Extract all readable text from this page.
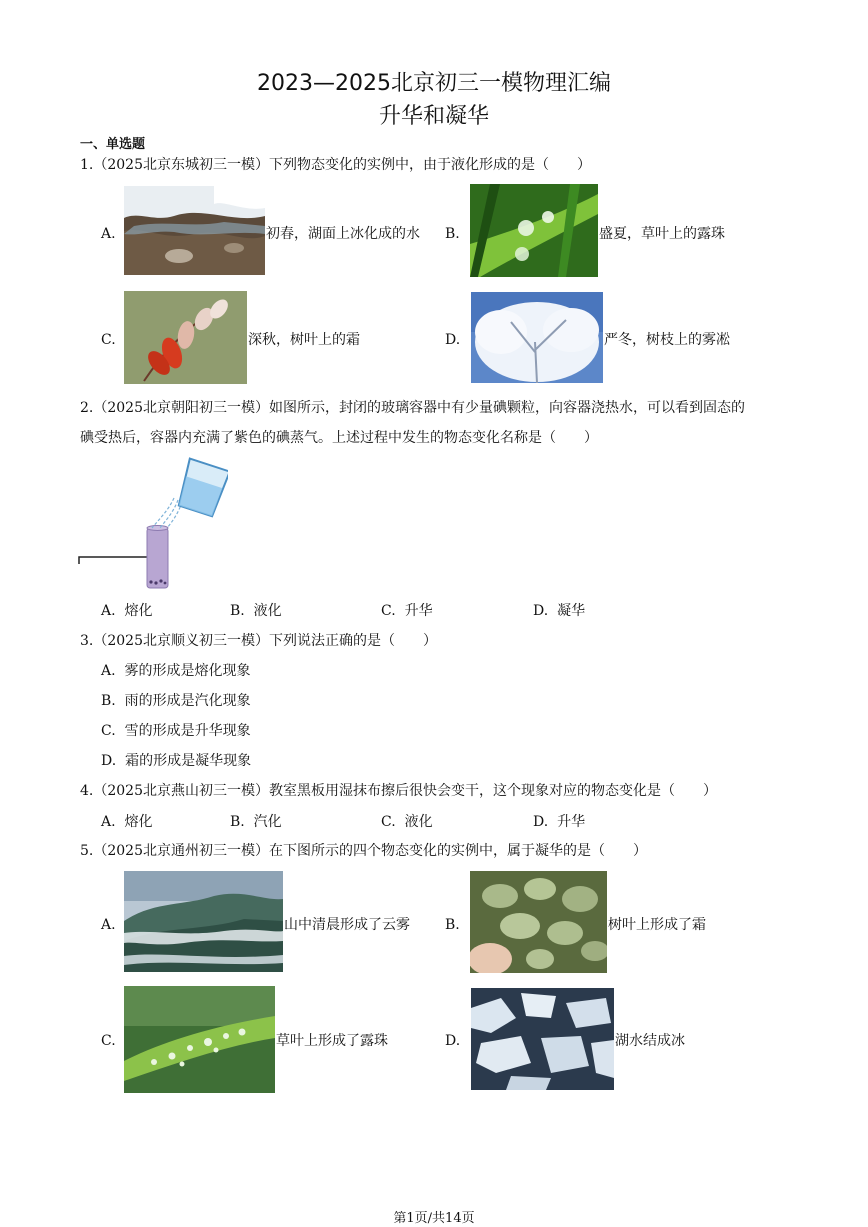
2023—2025北京初三一模物理汇编
升华和凝华
一、单选题
1.（2025北京东城初三一模）下列物态变化的实例中，由于液化形成的是（　　）
A.	初春，湖面上冰化成的水 B.	盛夏，草叶上的露珠
C.	深秋，树叶上的霜	D.	严冬，树枝上的雾凇
2.（2025北京朝阳初三一模）如图所示，封闭的玻璃容器中有少量碘颗粒，向容器浇热水，可以看到固态的
碘受热后，容器内充满了紫色的碘蒸气。上述过程中发生的物态变化名称是（　　）
A. 熔化	B. 液化	C. 升华	D. 凝华
3.（2025北京顺义初三一模）下列说法正确的是（　　）
A. 雾的形成是熔化现象
B. 雨的形成是汽化现象
C. 雪的形成是升华现象
D. 霜的形成是凝华现象
4.（2025北京燕山初三一模）教室黑板用湿抹布擦后很快会变干，这个现象对应的物态变化是（　　）
A. 熔化	B. 汽化	C. 液化	D. 升华
5.（2025北京通州初三一模）在下图所示的四个物态变化的实例中，属于凝华的是（　　）
A.	山中清晨形成了云雾	B.	树叶上形成了霜
C.	草叶上形成了露珠	D.	湖水结成冰
第1页/共14页
